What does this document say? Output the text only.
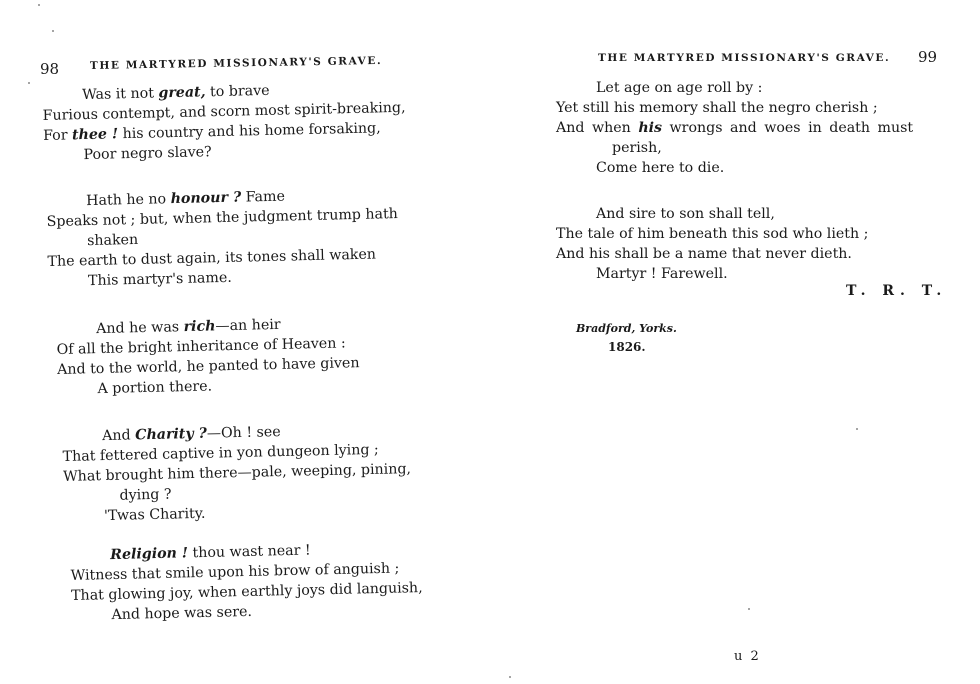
98	THE MARTYRED MISSIONARY'S GRAVE.
Was it not great, to brave
Furious contempt, and scorn most spirit-breaking,
For thee ! his country and his home forsaking,
Poor negro slave?
Hath he no honour ? Fame
Speaks not ; but, when the judgment trump hath
shaken
The earth to dust again, its tones shall waken
This martyr's name.
And he was rich—an heir
Of all the bright inheritance of Heaven :
And to the world, he panted to have given
A portion there.
And Charity ?—Oh ! see
That fettered captive in yon dungeon lying ;
What brought him there—pale, weeping, pining,
dying ?
'Twas Charity.
Religion ! thou wast near !
Witness that smile upon his brow of anguish ;
That glowing joy, when earthly joys did languish,
And hope was sere.
THE MARTYRED MISSIONARY'S GRAVE. 99
Let age on age roll by :
Yet still his memory shall the negro cherish ;
And when his wrongs and woes in death must
perish,
Come here to die.
And sire to son shall tell,
The tale of him beneath this sod who lieth ;
And his shall be a name that never dieth.
Martyr ! Farewell.
T. R. T.
Bradford, Yorks.
1826.
u 2
